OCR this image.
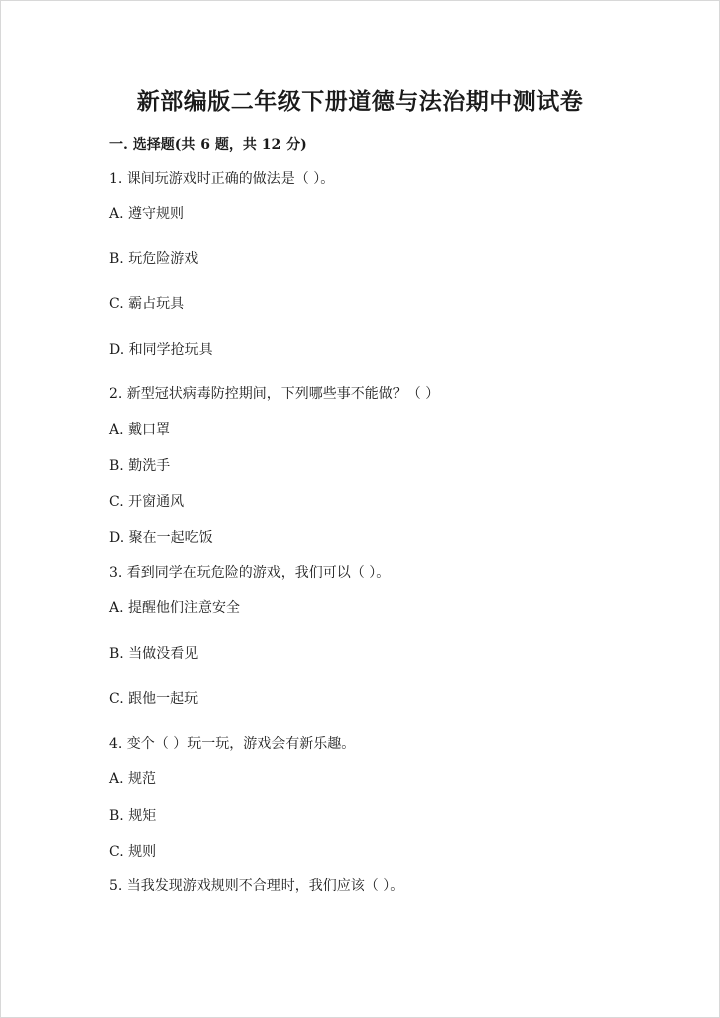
新部编版二年级下册道德与法治期中测试卷
一. 选择题(共 6 题，共 12 分)
1. 课间玩游戏时正确的做法是（ ）。
A. 遵守规则
B. 玩危险游戏
C. 霸占玩具
D. 和同学抢玩具
2. 新型冠状病毒防控期间，下列哪些事不能做？（ ）
A. 戴口罩
B. 勤洗手
C. 开窗通风
D. 聚在一起吃饭
3. 看到同学在玩危险的游戏，我们可以（ ）。
A. 提醒他们注意安全
B. 当做没看见
C. 跟他一起玩
4. 变个（ ）玩一玩，游戏会有新乐趣。
A. 规范
B. 规矩
C. 规则
5. 当我发现游戏规则不合理时，我们应该（ ）。
